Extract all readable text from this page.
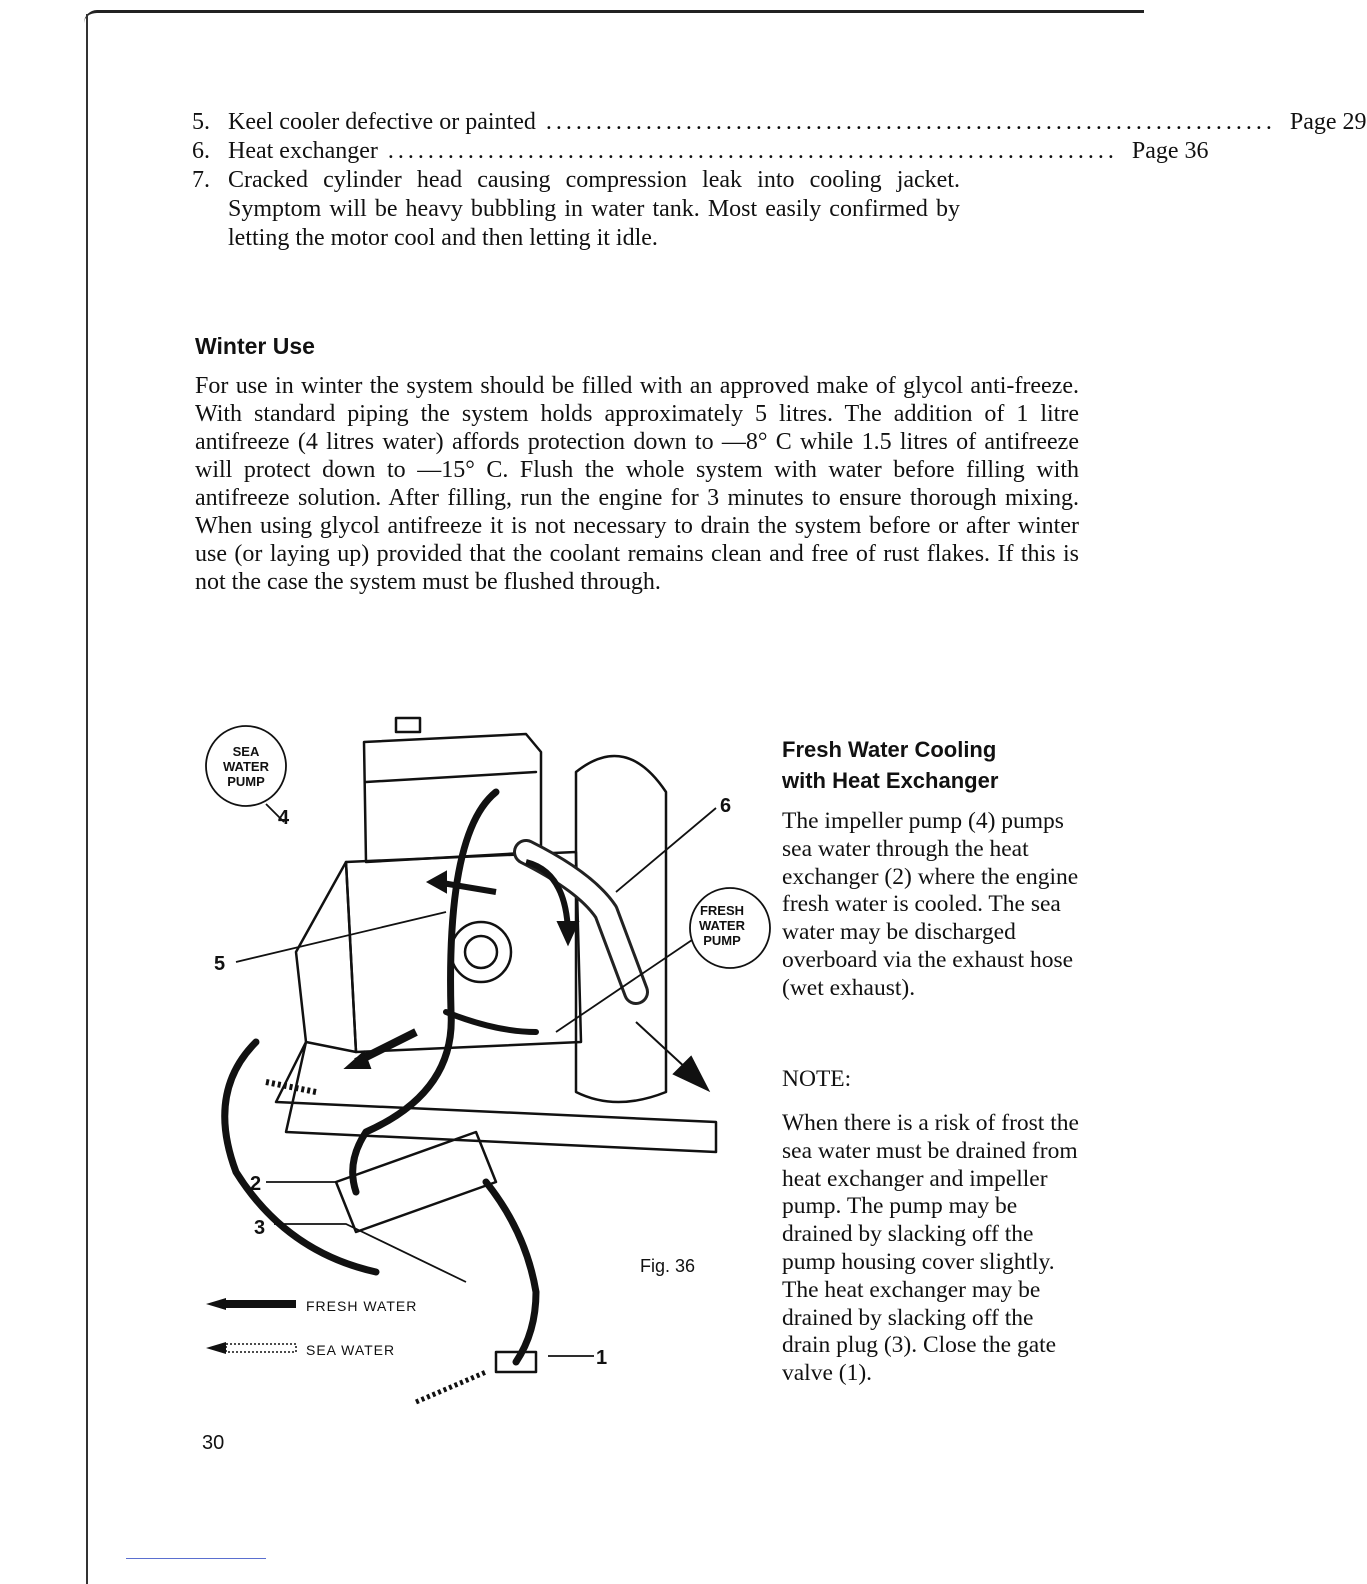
5. Keel cooler defective or painted ......................................................................... Page 29
6. Heat exchanger ......................................................................... Page 36
7. Cracked cylinder head causing compression leak into cooling jacket. Symptom will be heavy bubbling in water tank. Most easily confirmed by letting the motor cool and then letting it idle.
Winter Use

For use in winter the system should be filled with an approved make of glycol anti-freeze. With standard piping the system holds approximately 5 litres. The addition of 1 litre antifreeze (4 litres water) affords protection down to —8° C while 1.5 litres of antifreeze will protect down to —15° C. Flush the whole system with water before filling with antifreeze solution. After filling, run the engine for 3 minutes to ensure thorough mixing. When using glycol antifreeze it is not necessary to drain the system before or after winter use (or laying up) provided that the coolant remains clean and free of rust flakes. If this is not the case the system must be flushed through.

SEA
WATER
PUMP
FRESH
WATER
PUMP
4
6
5
2
3
1
FRESH WATER
SEA WATER
Fig. 36
Fresh Water Cooling
with Heat Exchanger

The impeller pump (4) pumps sea water through the heat exchanger (2) where the engine fresh water is cooled. The sea water may be discharged overboard via the exhaust hose (wet exhaust).

NOTE:

When there is a risk of frost the sea water must be drained from heat exchanger and impeller pump. The pump may be drained by slacking off the pump housing cover slightly. The heat exchanger may be drained by slacking off the drain plug (3). Close the gate valve (1).

30
